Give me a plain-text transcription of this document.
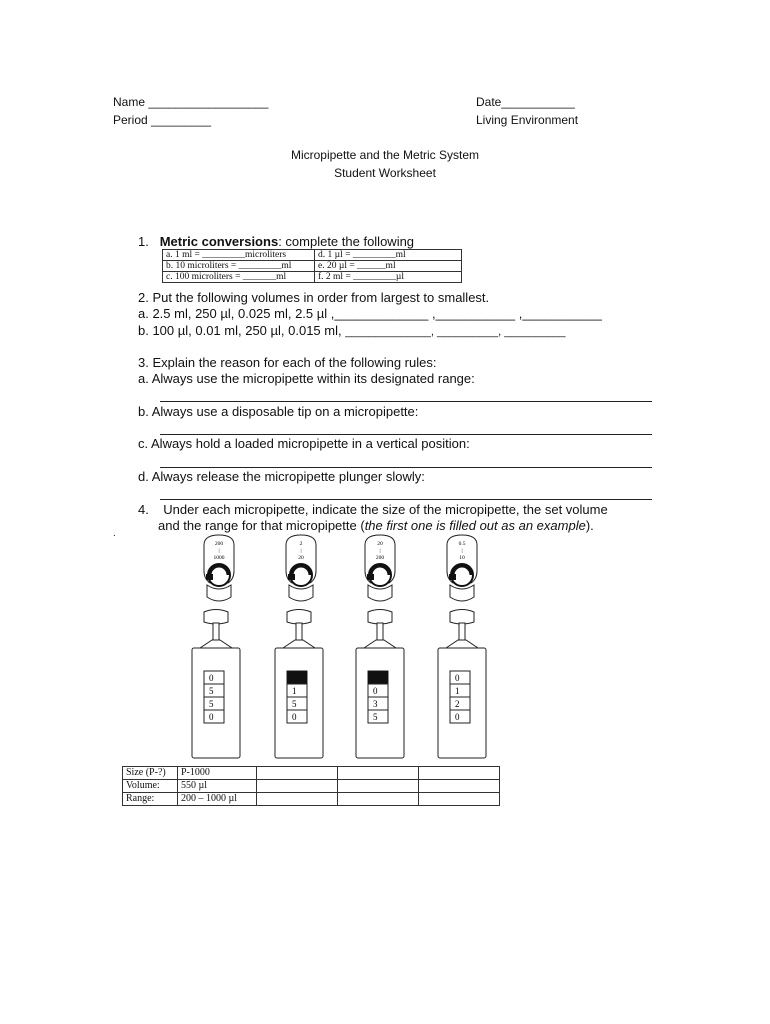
Name __________________	Date___________
Period _________	Living Environment
Micropipette and the Metric System
Student Worksheet
1. Metric conversions: complete the following
a. 1 ml = _________microliters	d. 1 µl = _________ml
b. 10 microliters = _________ml	e. 20 µl = ______ml
c. 100 microliters = _______ml	f. 2 ml = _________µl
2. Put the following volumes in order from largest to smallest.
a. 2.5 ml, 250 µl, 0.025 ml, 2.5 µl ,_____________ ,___________ ,___________
b. 100 µl, 0.01 ml, 250 µl, 0.015 ml, ______________, __________, __________
3. Explain the reason for each of the following rules:
a. Always use the micropipette within its designated range:
b. Always use a disposable tip on a micropipette:
c. Always hold a loaded micropipette in a vertical position:
d. Always release the micropipette plunger slowly:
4. Under each micropipette, indicate the size of the micropipette, the set volume
and the range for that micropipette (the first one is filled out as an example).
.
200
|
1000
2
|
20
20
|
200
0.5
|
10
0
5
5
0
1
5
0
0
3
5
0
1
2
0
Size (P-?)	P-1000			
Volume:	550 µl			
Range:	200 – 1000 µl			
